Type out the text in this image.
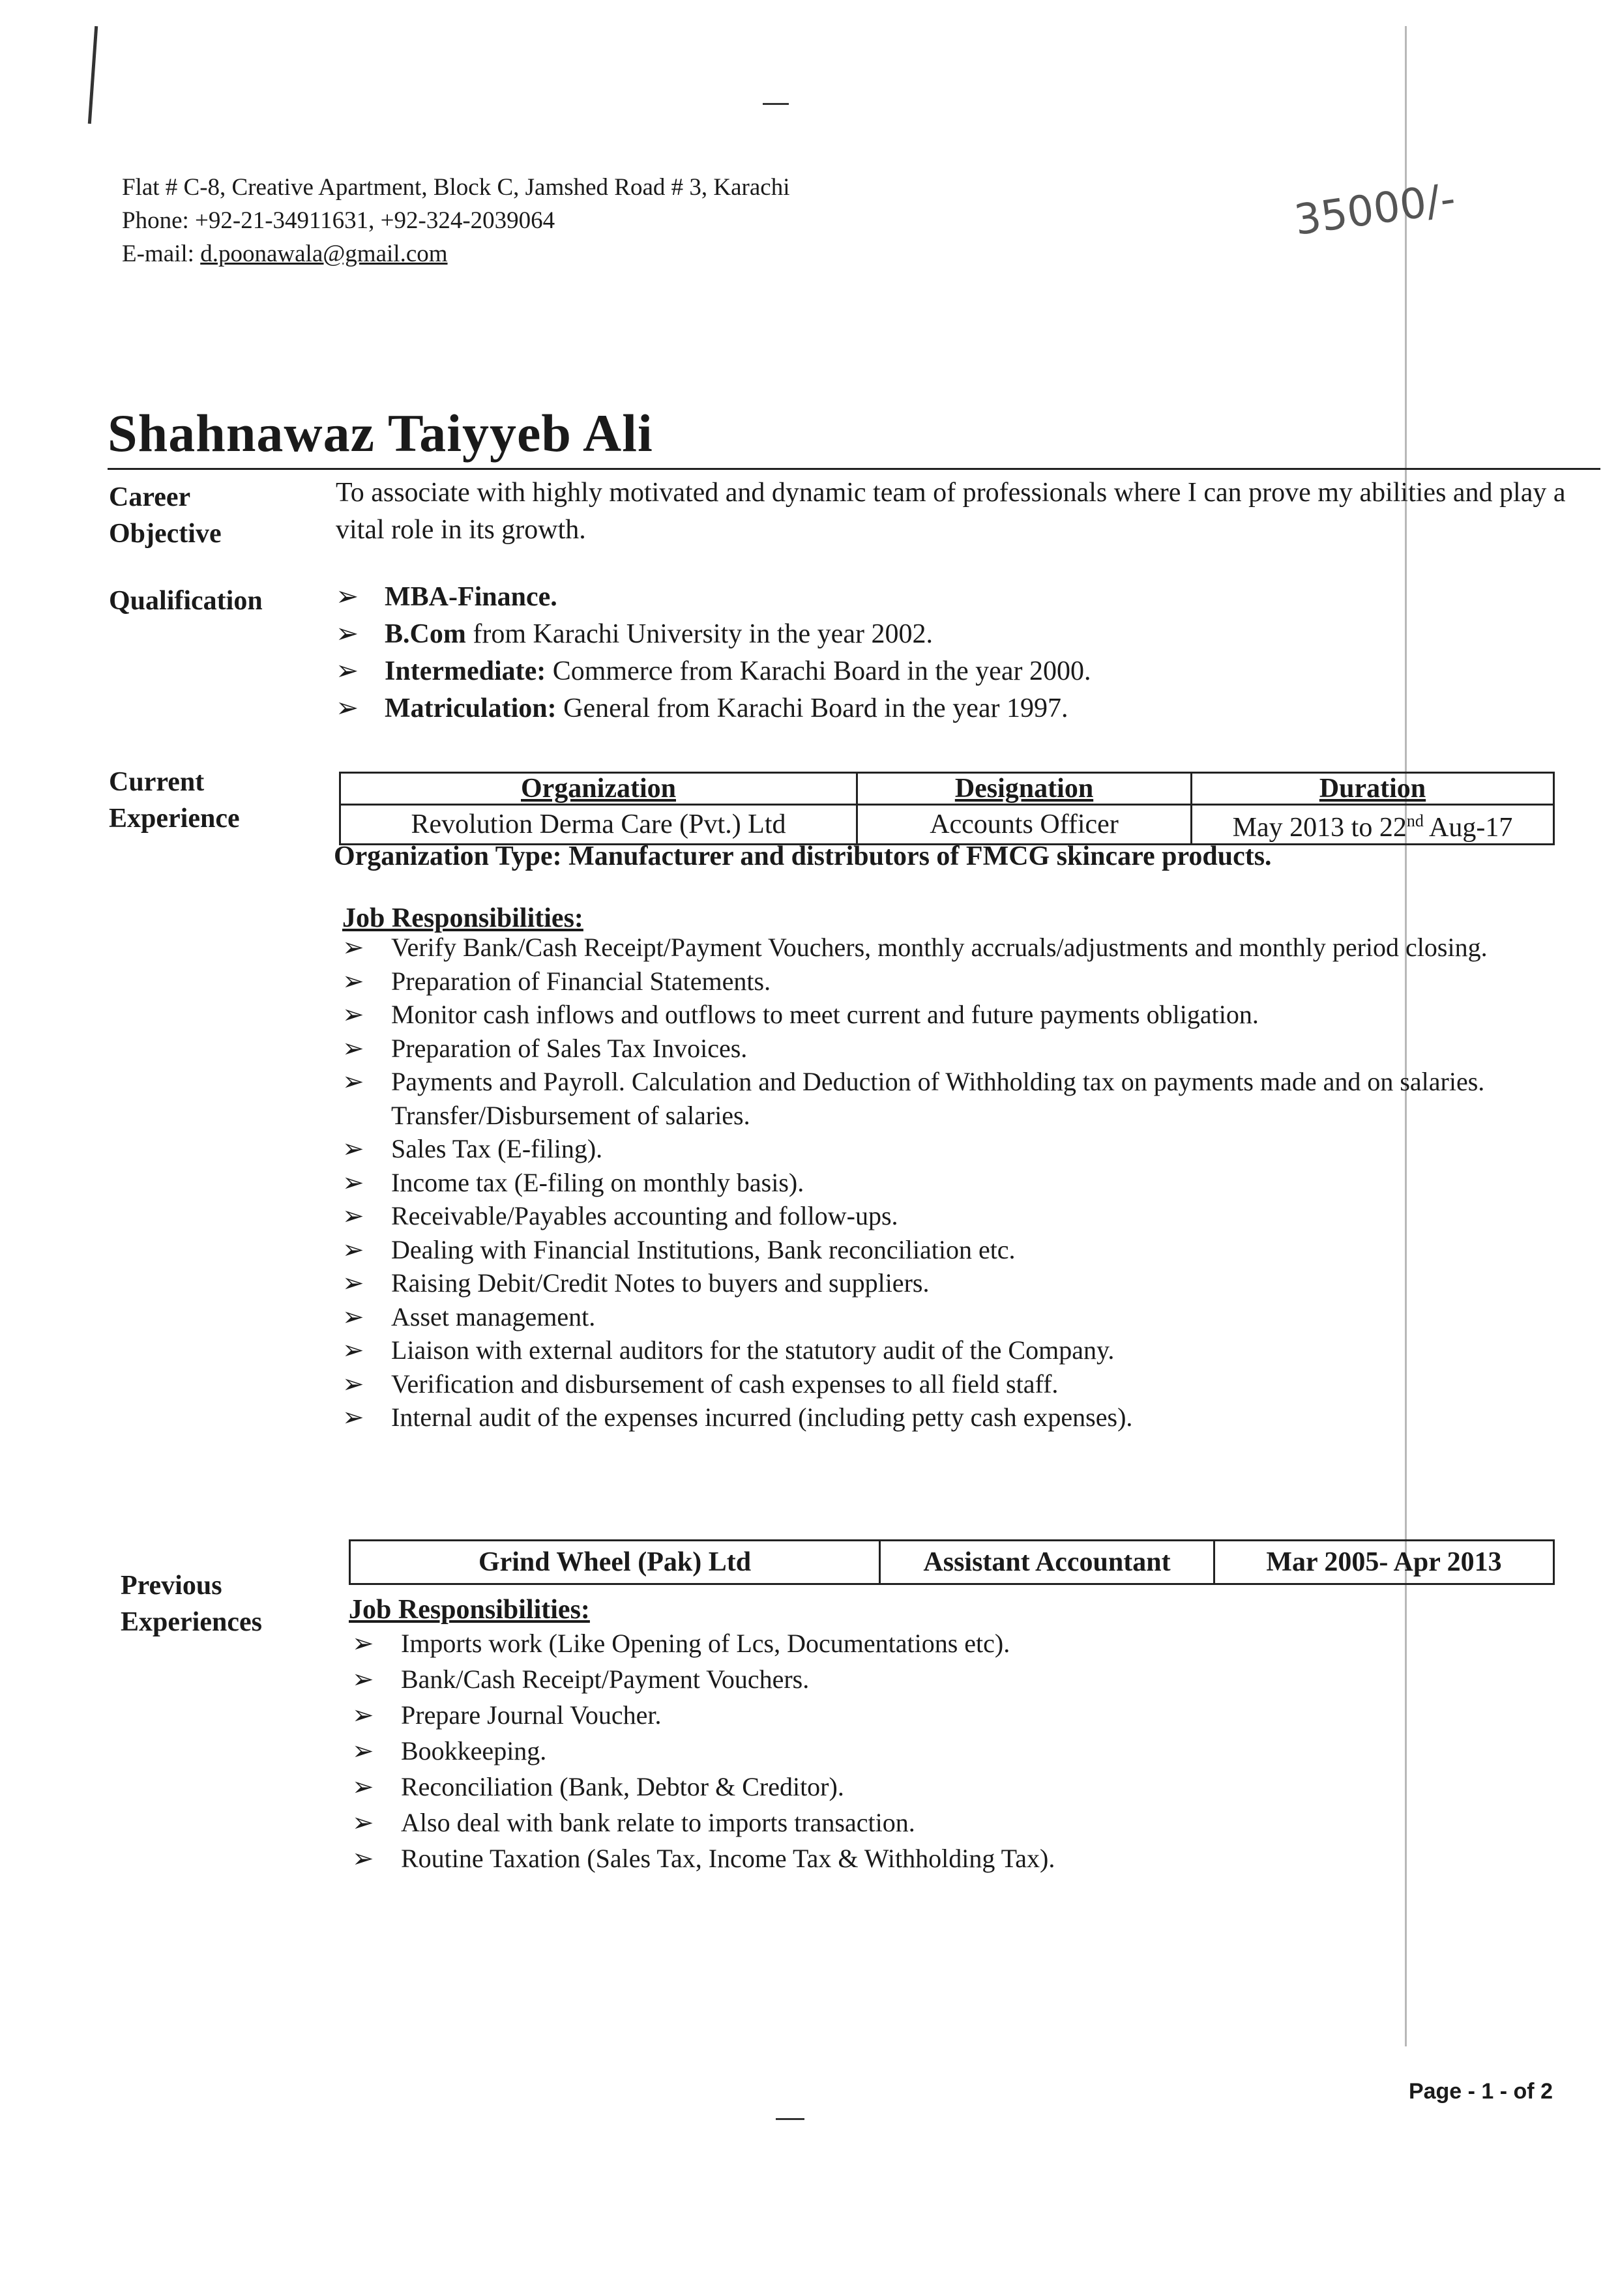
35000/-
Flat # C-8, Creative Apartment, Block C, Jamshed Road # 3, Karachi
Phone: +92-21-34911631, +92-324-2039064
E-mail: d.poonawala@gmail.com
Shahnawaz Taiyyeb Ali
Career
Objective
To associate with highly motivated and dynamic team of professionals where I can prove my abilities and play a vital role in its growth.
Qualification	➢ MBA-Finance.
➢ B.Com from Karachi University in the year 2002.
➢ Intermediate: Commerce from Karachi Board in the year 2000.
➢ Matriculation: General from Karachi Board in the year 1997.
Current
Experience
Organization	Designation	Duration
Revolution Derma Care (Pvt.) Ltd	Accounts Officer	May 2013 to 22nd Aug-17
Organization Type: Manufacturer and distributors of FMCG skincare products.
Job Responsibilities:
➢ Verify Bank/Cash Receipt/Payment Vouchers, monthly accruals/adjustments and monthly period closing.
➢ Preparation of Financial Statements.
➢ Monitor cash inflows and outflows to meet current and future payments obligation.
➢ Preparation of Sales Tax Invoices.
➢ Payments and Payroll. Calculation and Deduction of Withholding tax on payments made and on salaries. Transfer/Disbursement of salaries.
➢ Sales Tax (E-filing).
➢ Income tax (E-filing on monthly basis).
➢ Receivable/Payables accounting and follow-ups.
➢ Dealing with Financial Institutions, Bank reconciliation etc.
➢ Raising Debit/Credit Notes to buyers and suppliers.
➢ Asset management.
➢ Liaison with external auditors for the statutory audit of the Company.
➢ Verification and disbursement of cash expenses to all field staff.
➢ Internal audit of the expenses incurred (including petty cash expenses).
Previous
Experiences
Grind Wheel (Pak) Ltd	Assistant Accountant	Mar 2005- Apr 2013
Job Responsibilities:
➢ Imports work (Like Opening of Lcs, Documentations etc).
➢ Bank/Cash Receipt/Payment Vouchers.
➢ Prepare Journal Voucher.
➢ Bookkeeping.
➢ Reconciliation (Bank, Debtor & Creditor).
➢ Also deal with bank relate to imports transaction.
➢ Routine Taxation (Sales Tax, Income Tax & Withholding Tax).
Page - 1 - of 2
